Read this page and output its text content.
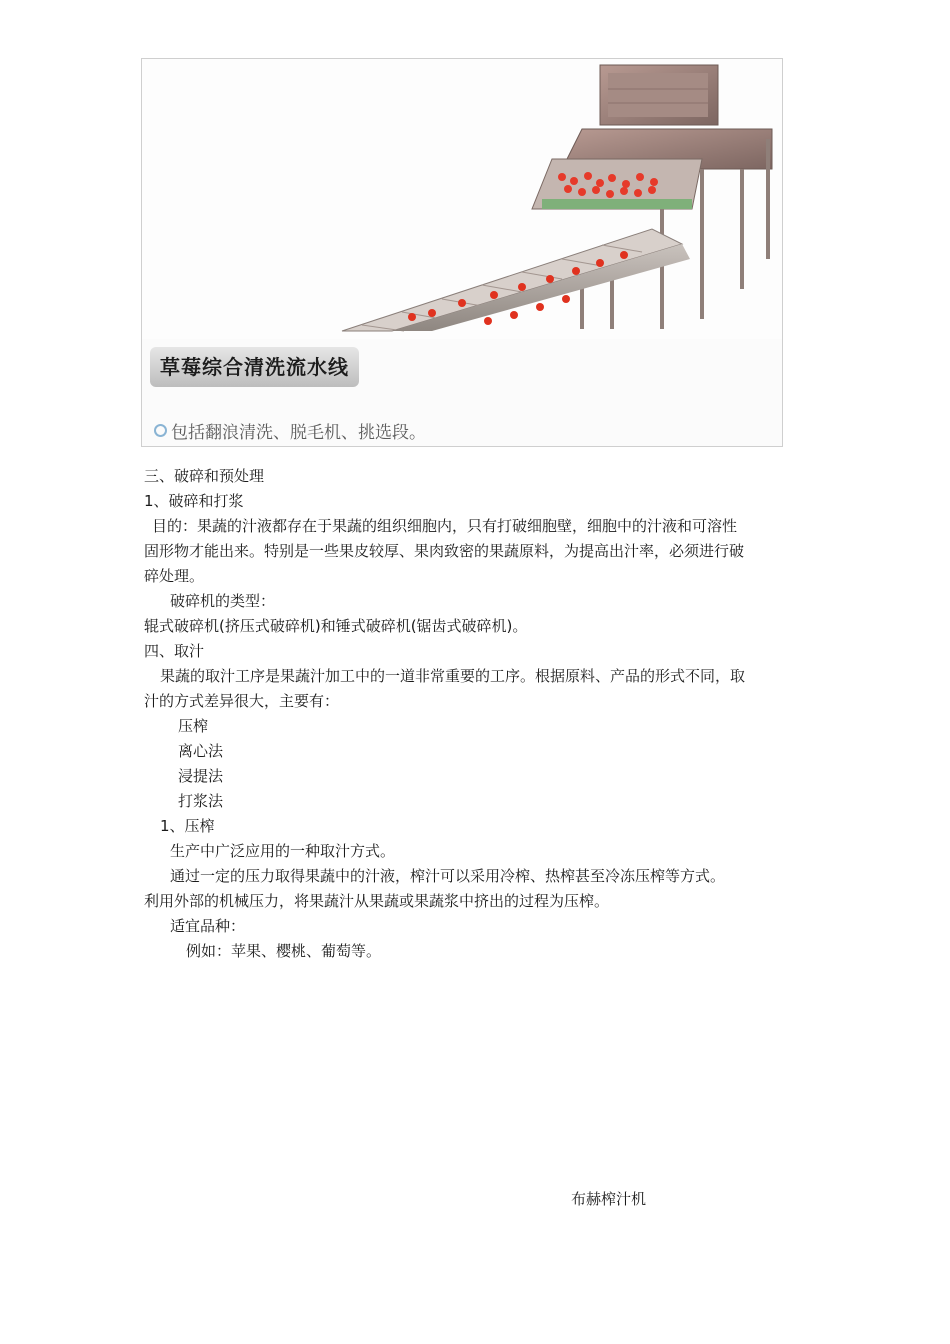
草莓综合清洗流水线
包括翻浪清洗、脱毛机、挑选段。
三、破碎和预处理
1、破碎和打浆
目的：果蔬的汁液都存在于果蔬的组织细胞内，只有打破细胞壁，细胞中的汁液和可溶性
固形物才能出来。特别是一些果皮较厚、果肉致密的果蔬原料，为提高出汁率，必须进行破
碎处理。
破碎机的类型：
辊式破碎机(挤压式破碎机)和锤式破碎机(锯齿式破碎机)。
四、取汁
果蔬的取汁工序是果蔬汁加工中的一道非常重要的工序。根据原料、产品的形式不同，取
汁的方式差异很大，主要有：
压榨
离心法
浸提法
打浆法
1、压榨
生产中广泛应用的一种取汁方式。
通过一定的压力取得果蔬中的汁液，榨汁可以采用冷榨、热榨甚至冷冻压榨等方式。
利用外部的机械压力，将果蔬汁从果蔬或果蔬浆中挤出的过程为压榨。
适宜品种：
例如：苹果、樱桃、葡萄等。
布赫榨汁机
